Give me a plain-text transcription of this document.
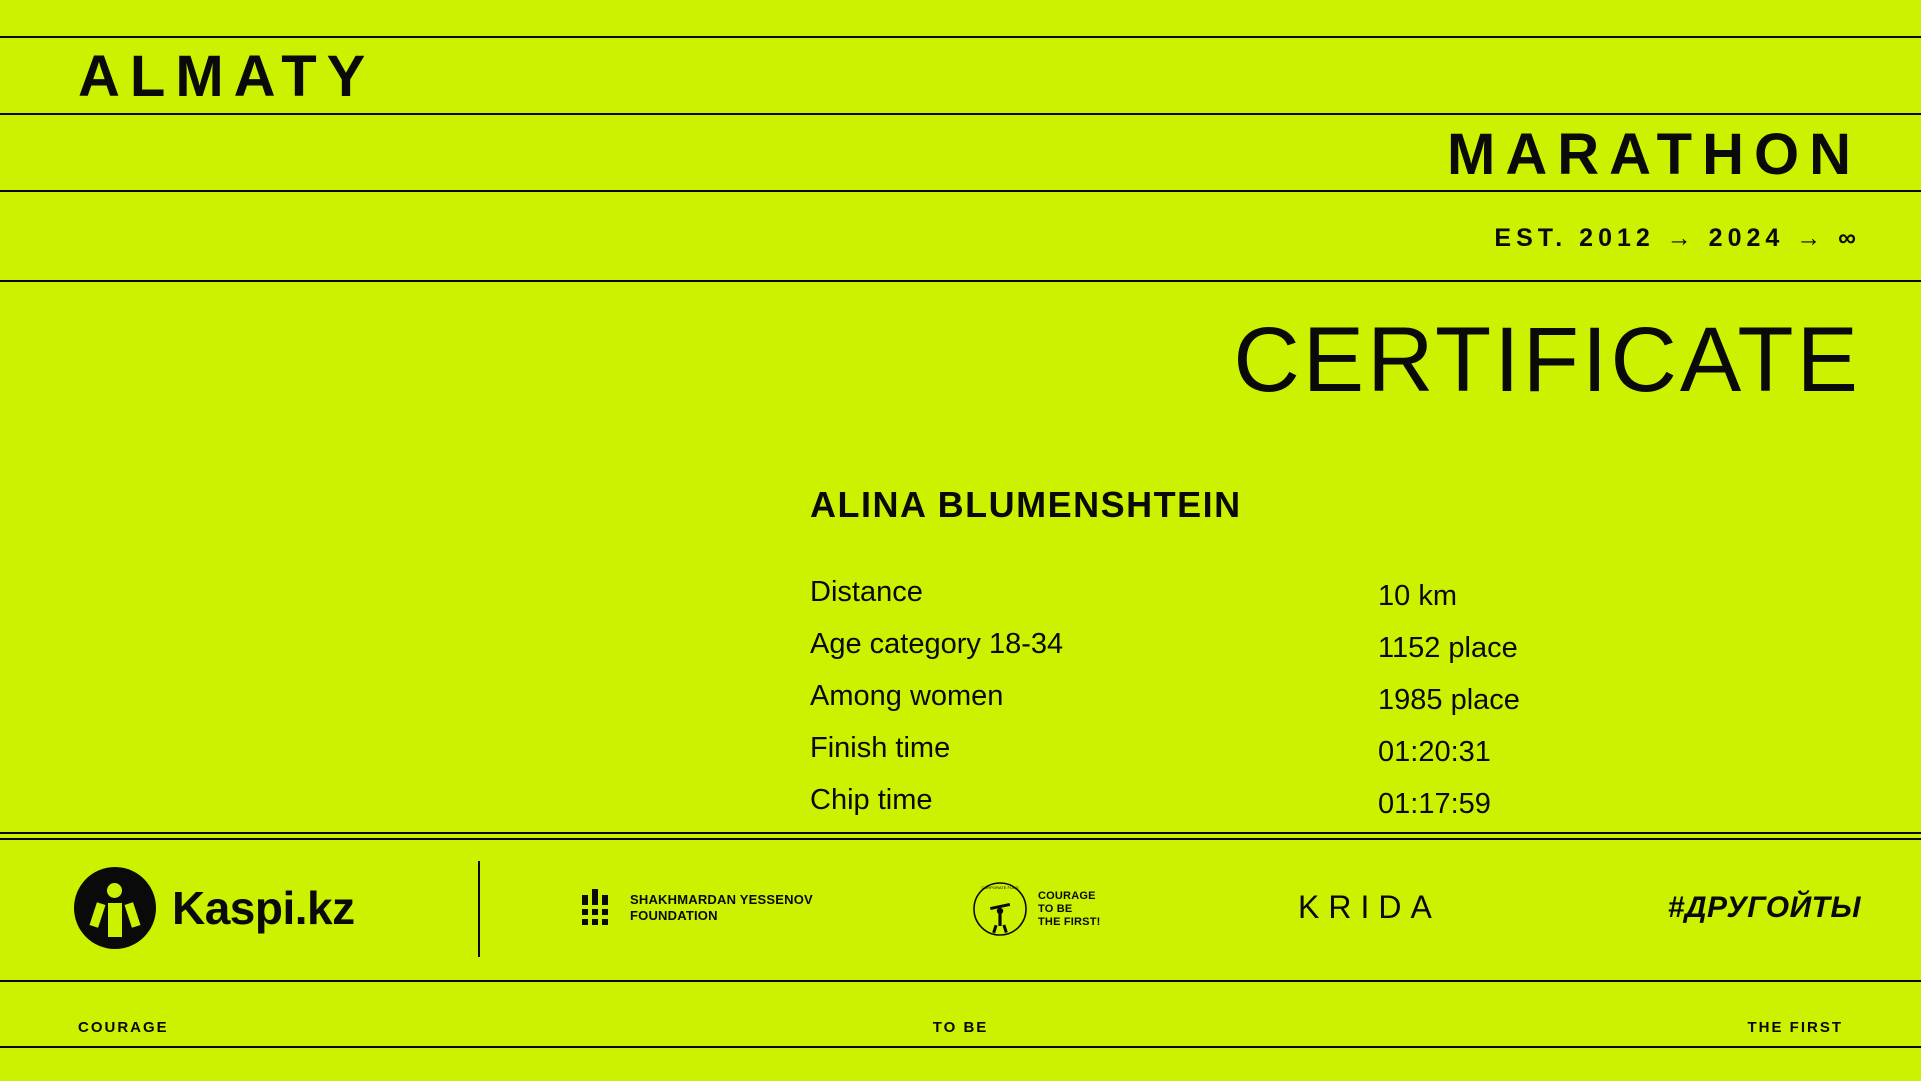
ALMATY
MARATHON
EST. 2012 → 2024 → ∞
CERTIFICATE
ALINA BLUMENSHTEIN
Distance	10 km
Age category 18-34	1152 place
Among women	1985 place
Finish time	01:20:31
Chip time	01:17:59
Kaspi.kz	SHAKHMARDAN YESSENOV
FOUNDATION
CORPORATE FUND
COURAGE
TO BE
THE FIRST!	KRIDA	#ДРУГОЙТЫ
COURAGE	TO BE	THE FIRST
